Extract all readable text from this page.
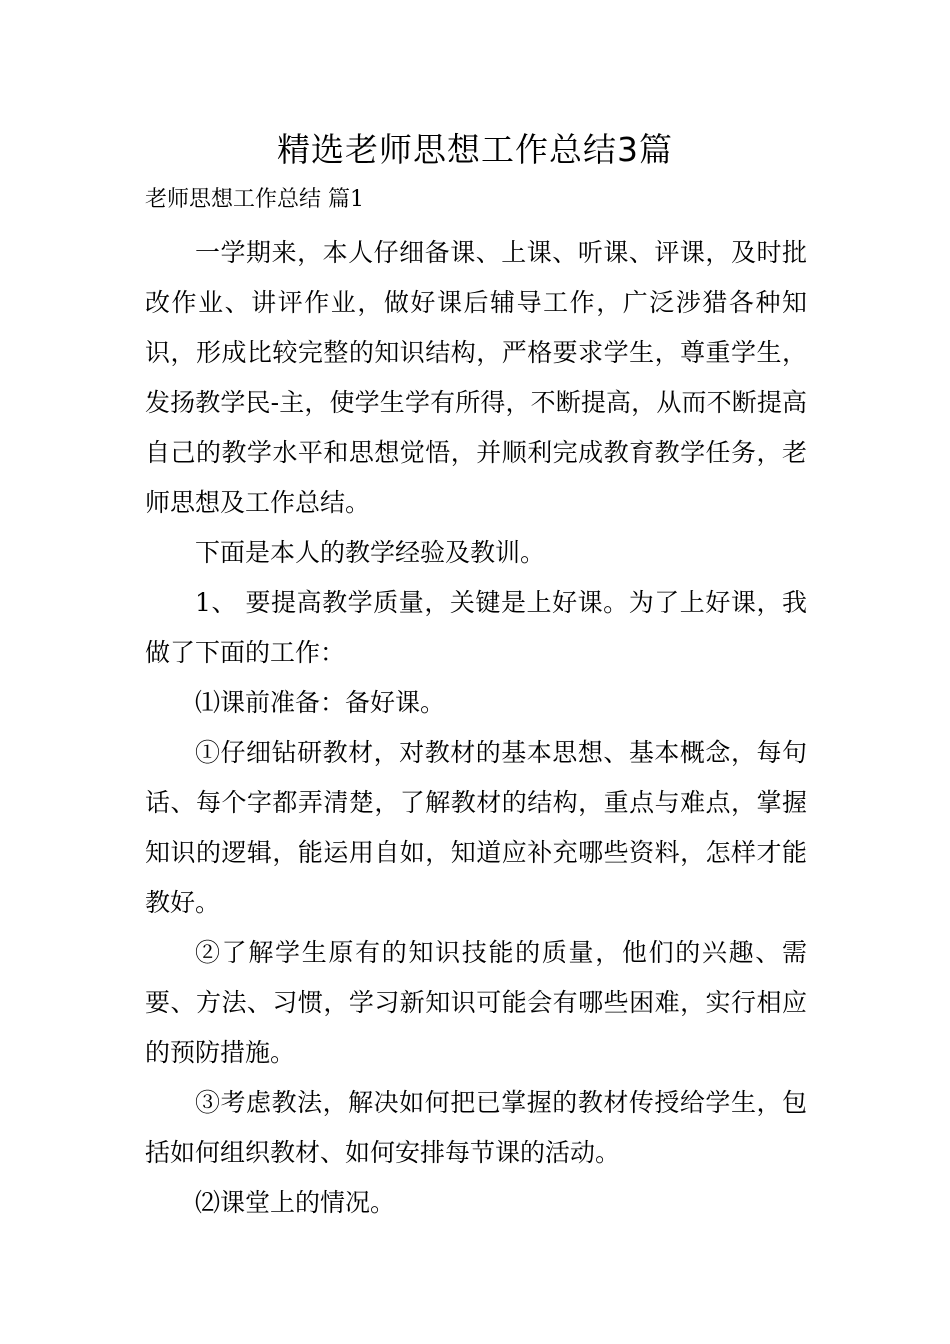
精选老师思想工作总结3篇
老师思想工作总结 篇1

一学期来，本人仔细备课、上课、听课、评课，及时批改作业、讲评作业，做好课后辅导工作，广泛涉猎各种知识，形成比较完整的知识结构，严格要求学生，尊重学生，发扬教学民-主，使学生学有所得，不断提高，从而不断提高自己的教学水平和思想觉悟，并顺利完成教育教学任务，老师思想及工作总结。

下面是本人的教学经验及教训。

1、 要提高教学质量，关键是上好课。为了上好课，我做了下面的工作：

⑴课前准备：备好课。

①仔细钻研教材，对教材的基本思想、基本概念，每句话、每个字都弄清楚，了解教材的结构，重点与难点，掌握知识的逻辑，能运用自如，知道应补充哪些资料，怎样才能教好。

②了解学生原有的知识技能的质量，他们的兴趣、需要、方法、习惯，学习新知识可能会有哪些困难，实行相应的预防措施。

③考虑教法，解决如何把已掌握的教材传授给学生，包括如何组织教材、如何安排每节课的活动。

⑵课堂上的情况。
